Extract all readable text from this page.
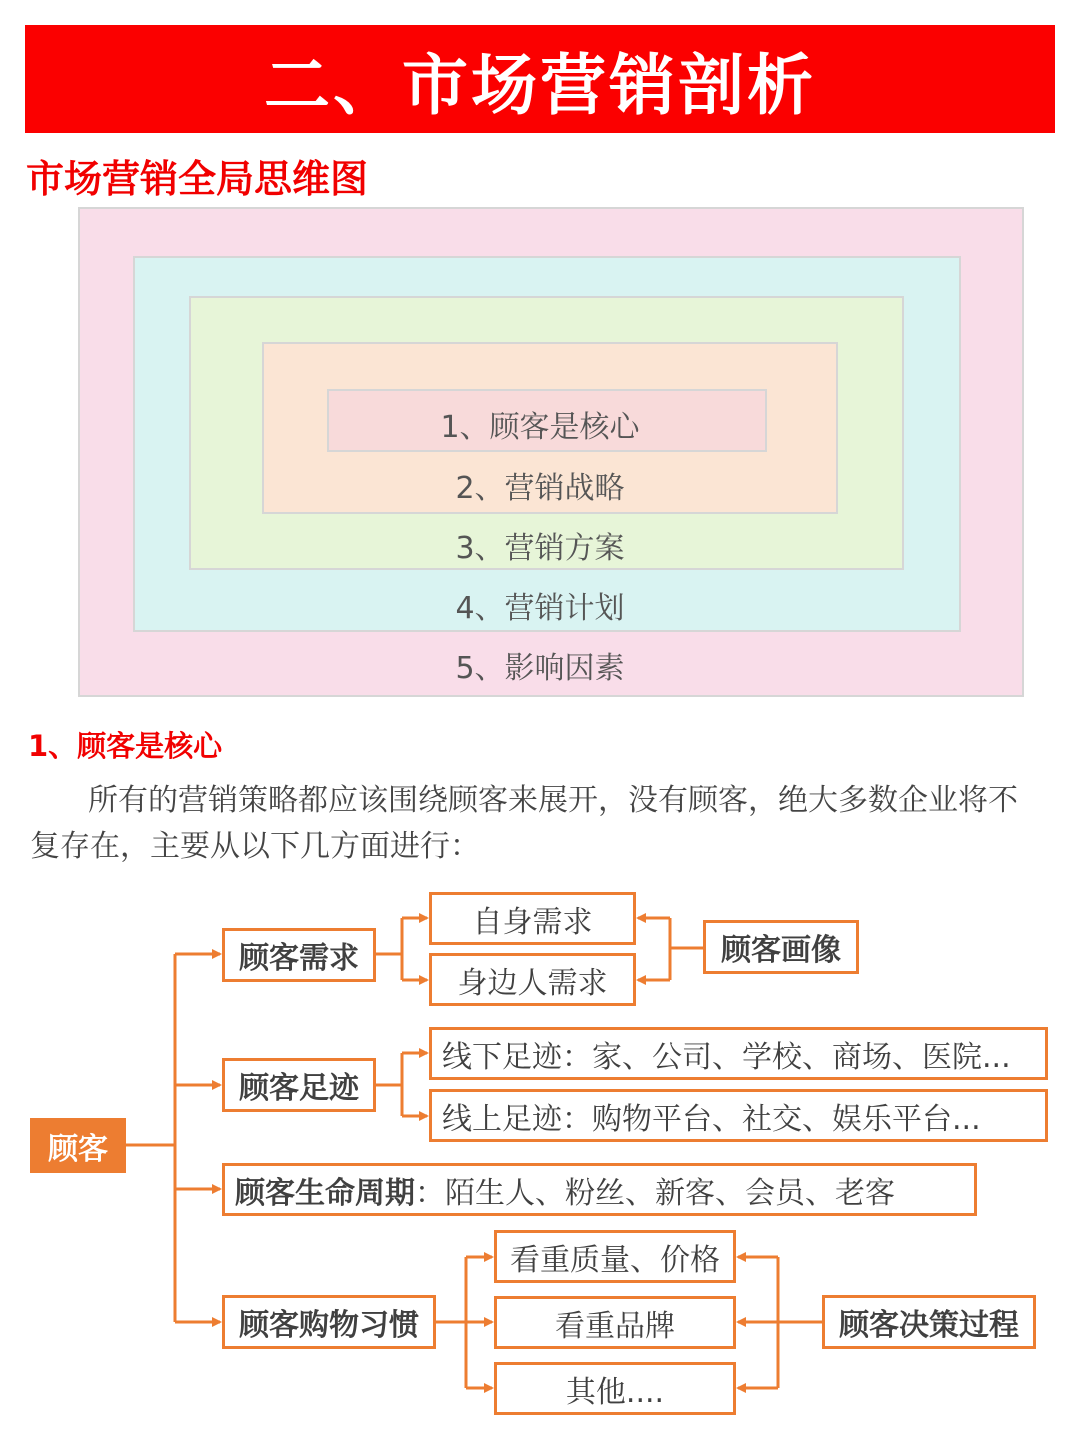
二、市场营销剖析
市场营销全局思维图
1、顾客是核心
2、营销战略
3、营销方案
4、营销计划
5、影响因素
1、顾客是核心
所有的营销策略都应该围绕顾客来展开，没有顾客，绝大多数企业将不复存在，主要从以下几方面进行：
顾客
顾客需求
自身需求
身边人需求
顾客画像
顾客足迹
线下足迹：家、公司、学校、商场、医院...
线上足迹：购物平台、社交、娱乐平台...
顾客生命周期 ：陌生人、粉丝、新客、会员、老客
顾客购物习惯
看重质量、价格
看重品牌
其他....
顾客决策过程
